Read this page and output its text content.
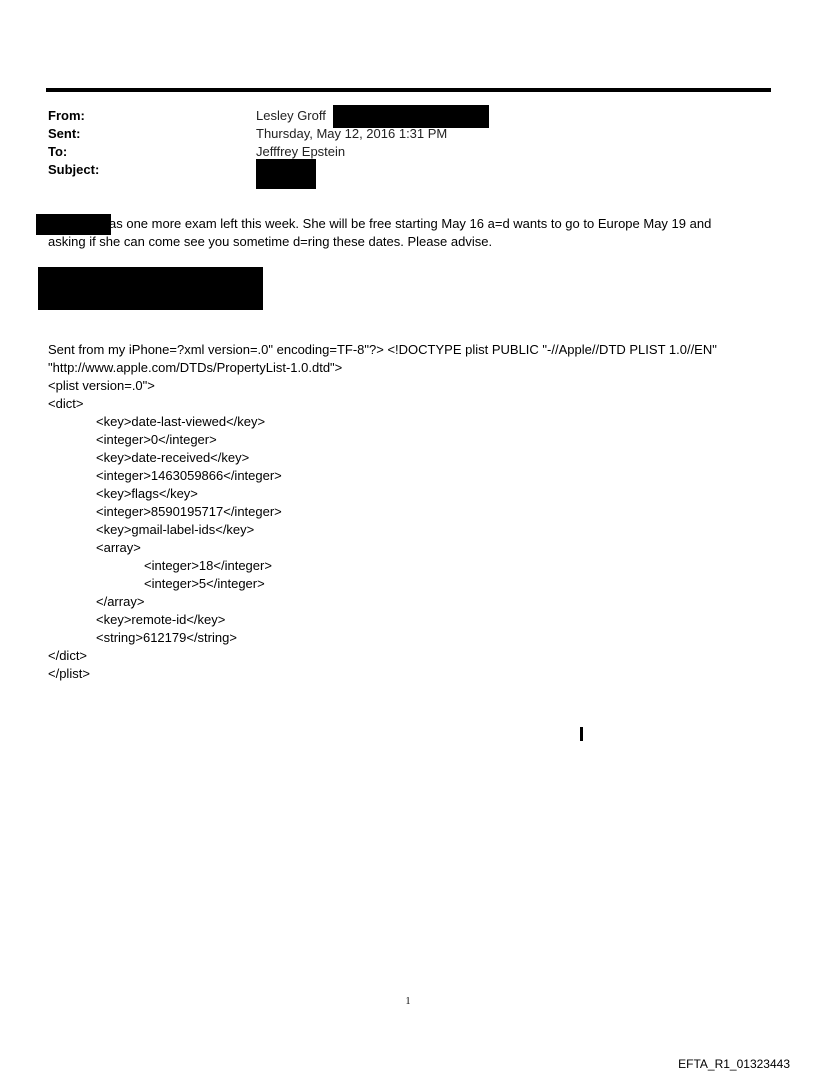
From:	Lesley Groff
Sent:	Thursday, May 12, 2016 1:31 PM
To:	Jefffrey Epstein
Subject:
as one more exam left this week. She will be free starting May 16 a=d wants to go to Europe May 19 and
asking if she can come see you sometime d=ring these dates. Please advise.
Sent from my iPhone=?xml version=.0" encoding=TF-8"?> <!DOCTYPE plist PUBLIC "-//Apple//DTD PLIST 1.0//EN"
"http://www.apple.com/DTDs/PropertyList-1.0.dtd">
<plist version=.0">
<dict>
<key>date-last-viewed</key>
<integer>0</integer>
<key>date-received</key>
<integer>1463059866</integer>
<key>flags</key>
<integer>8590195717</integer>
<key>gmail-label-ids</key>
<array>
<integer>18</integer>
<integer>5</integer>
</array>
<key>remote-id</key>
<string>612179</string>
</dict>
</plist>
1
EFTA_R1_01323443
